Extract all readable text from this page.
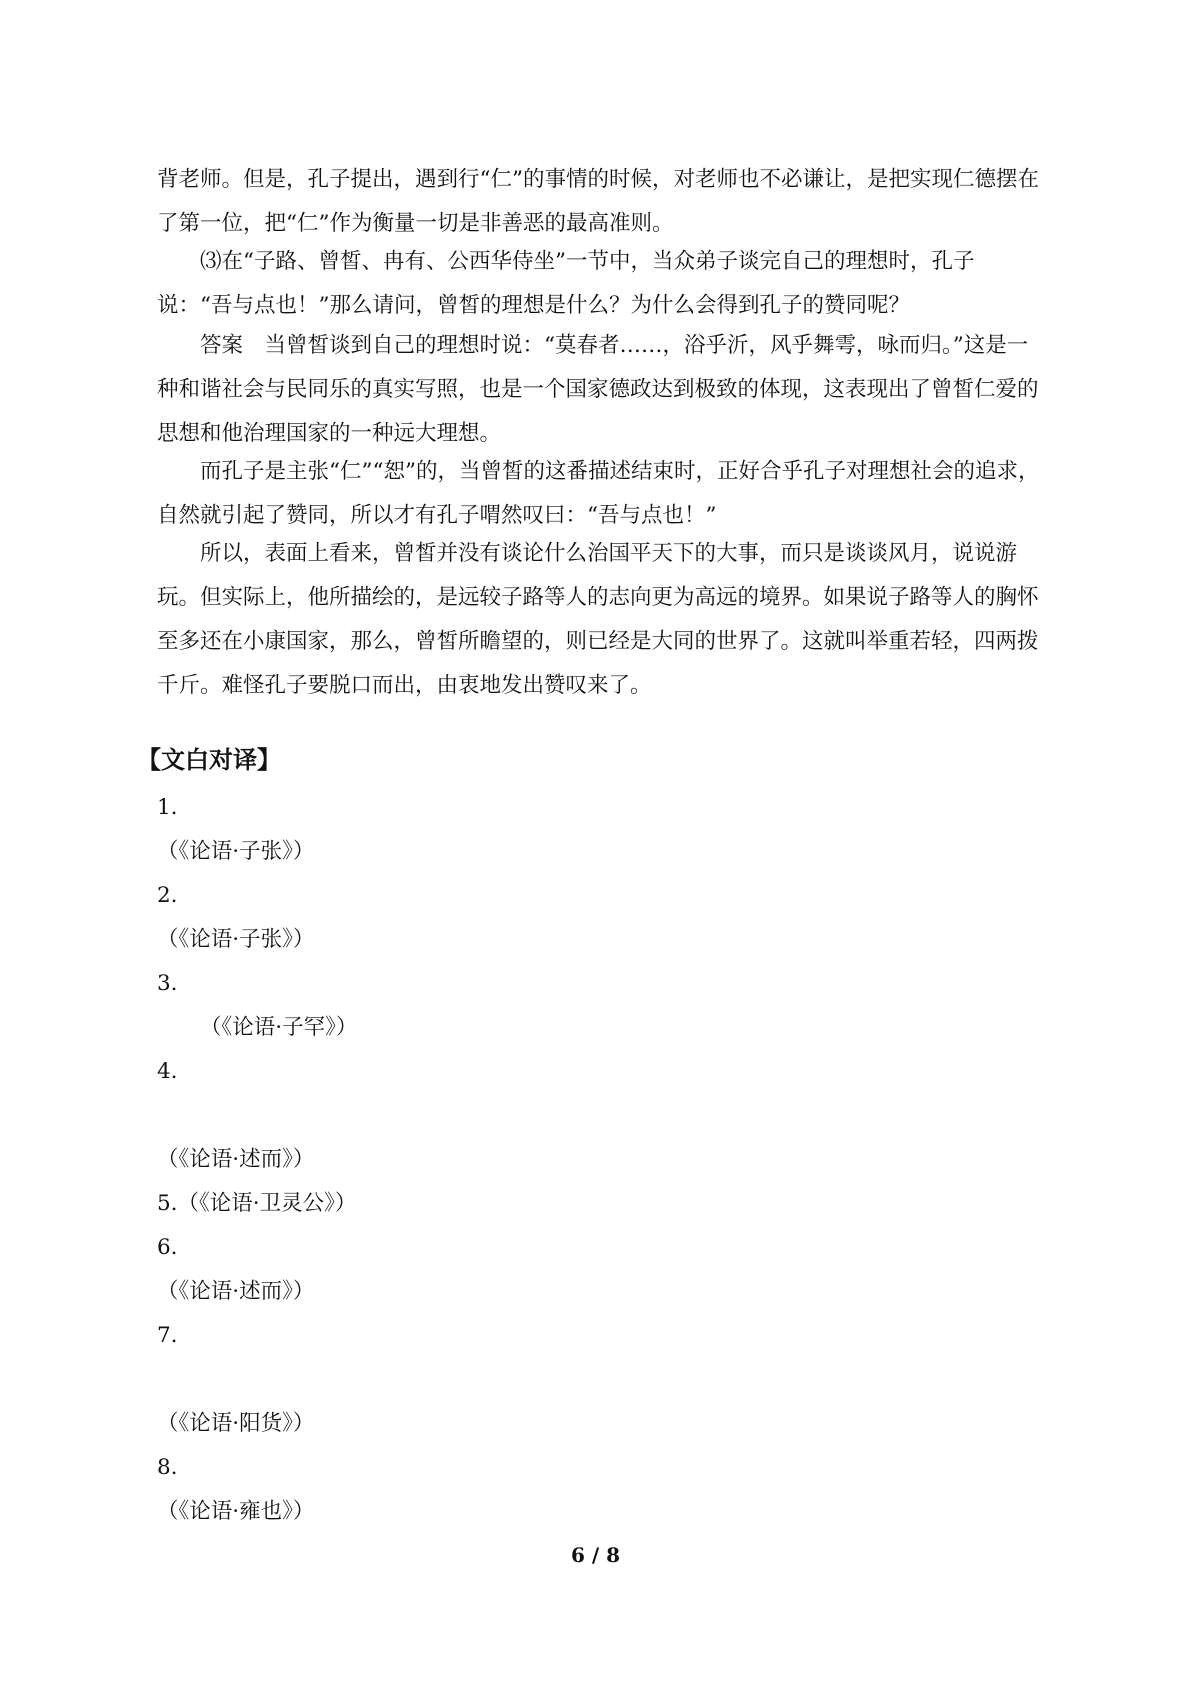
背老师。但是，孔子提出，遇到行“仁”的事情的时候，对老师也不必谦让，是把实现仁德摆在了第一位，把“仁”作为衡量一切是非善恶的最高准则。

⑶在“子路、曾皙、冉有、公西华侍坐”一节中，当众弟子谈完自己的理想时，孔子说：“吾与点也！”那么请问，曾皙的理想是什么？为什么会得到孔子的赞同呢？

答案　当曾皙谈到自己的理想时说：“莫春者……，浴乎沂，风乎舞雩，咏而归。”这是一种和谐社会与民同乐的真实写照，也是一个国家德政达到极致的体现，这表现出了曾皙仁爱的思想和他治理国家的一种远大理想。

而孔子是主张“仁”“恕”的，当曾皙的这番描述结束时，正好合乎孔子对理想社会的追求，自然就引起了赞同，所以才有孔子喟然叹曰：“吾与点也！”

所以，表面上看来，曾皙并没有谈论什么治国平天下的大事，而只是谈谈风月，说说游玩。但实际上，他所描绘的，是远较子路等人的志向更为高远的境界。如果说子路等人的胸怀至多还在小康国家，那么，曾皙所瞻望的，则已经是大同的世界了。这就叫举重若轻，四两拨千斤。难怪孔子要脱口而出，由衷地发出赞叹来了。

【文白对译】

1.

（《论语·子张》）

2.

（《论语·子张》）

3.

（《论语·子罕》）

4.

（《论语·述而》）

5.（《论语·卫灵公》）

6.

（《论语·述而》）

7.

（《论语·阳货》）

8.

（《论语·雍也》）

6 / 8
